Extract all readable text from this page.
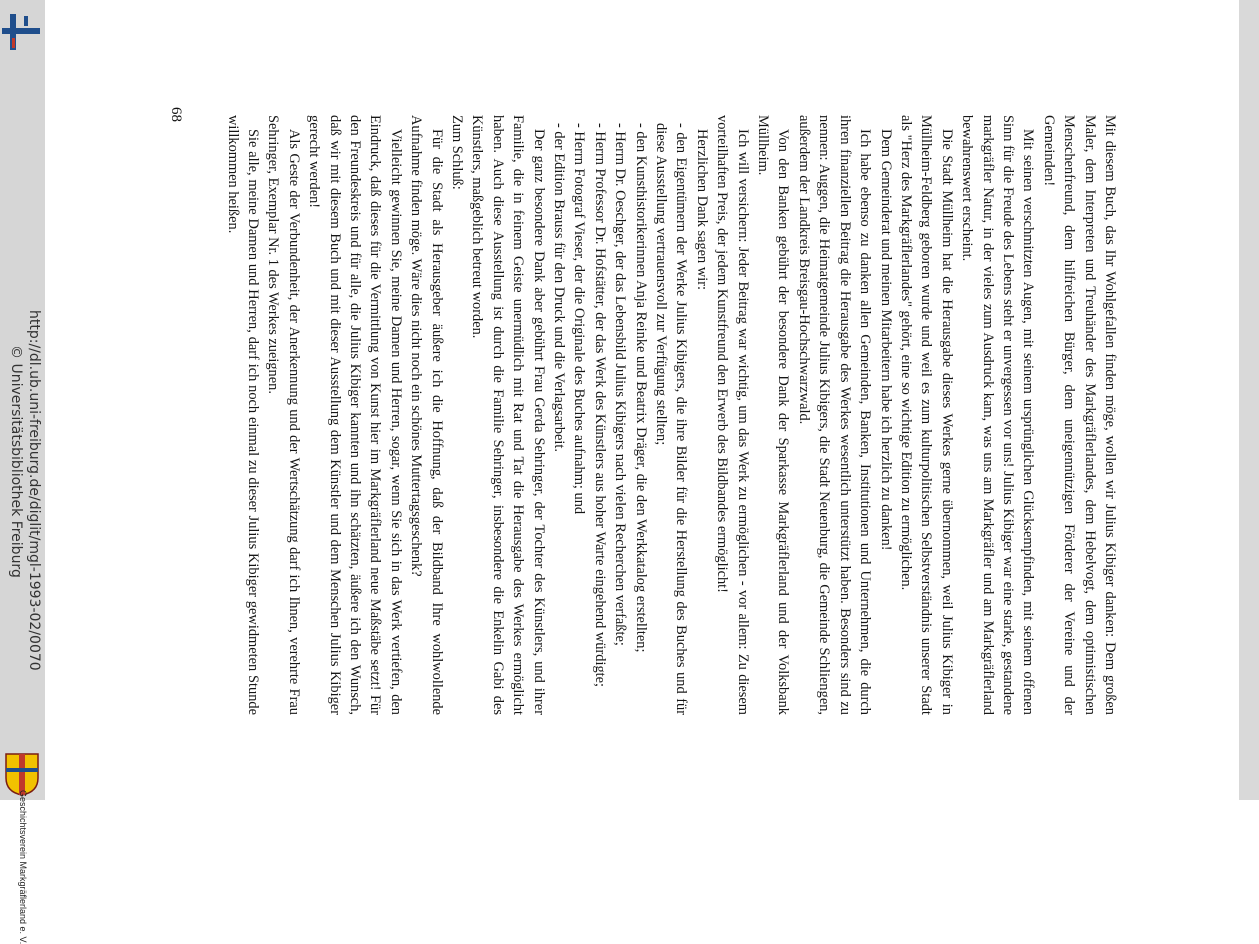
Geschichtsverein Markgräflerland e. V.
http://dl.ub.uni-freiburg.de/diglit/mgl-1993-02/0070
© Universitätsbibliothek Freiburg
68

Mit diesem Buch, das Ihr Wohlgefallen finden möge, wollen wir Julius Kibiger danken: Dem großen Maler, dem Interpreten und Treuhänder des Markgräflerlandes, dem Hebelvogt, dem optimistischen Menschenfreund, dem hilfreichen Bürger, dem uneigennützigen Förderer der Vereine und der Gemeinden!

Mit seinen verschmitzten Augen, mit seinem ursprünglichen Glücksempfinden, mit seinem offenen Sinn für die Freude des Lebens steht er unvergessen vor uns! Julius Kibiger war eine starke, gestandene markgräfler Natur, in der vieles zum Ausdruck kam, was uns am Markgräfler und am Markgräflerland bewahrenswert erscheint.

Die Stadt Müllheim hat die Herausgabe dieses Werkes gerne übernommen, weil Julius Kibiger in Müllheim-Feldberg geboren wurde und weil es zum kulturpolitischen Selbstverständnis unserer Stadt als "Herz des Markgräflerlandes" gehört, eine so wichtige Edition zu ermöglichen.

Dem Gemeinderat und meinen Mitarbeitern habe ich herzlich zu danken!

Ich habe ebenso zu danken allen Gemeinden, Banken, Institutionen und Unternehmen, die durch ihren finanziellen Beitrag die Herausgabe des Werkes wesentlich unterstützt haben. Besonders sind zu nennen: Auggen, die Heimatgemeinde Julius Kibigers, die Stadt Neuenburg, die Gemeinde Schliengen, außerdem der Landkreis Breisgau-Hochschwarzwald.

Von den Banken gebührt der besondere Dank der Sparkasse Markgräflerland und der Volksbank Müllheim.

Ich will versichern: Jeder Beitrag war wichtig, um das Werk zu ermöglichen - vor allem: Zu diesem vorteilhaften Preis, der jedem Kunstfreund den Erwerb des Bildbandes ermöglicht!

Herzlichen Dank sagen wir:

- den Eigentümern der Werke Julius Kibigers, die ihre Bilder für die Herstellung des Buches und für diese Ausstellung vertrauensvoll zur Verfügung stellten;

- den Kunsthistorikerinnen Anja Reinke und Beatrix Dräger, die den Werkkatalog erstellten;

- Herrn Dr. Oeschger, der das Lebensbild Julius Kibigers nach vielen Recherchen verfaßte;

- Herrn Professor Dr. Hofstätter, der das Werk des Künstlers aus hoher Warte eingehend würdigte;

- Herrn Fotograf Vieser, der die Originale des Buches aufnahm; und

- der Edition Brauss für den Druck und die Verlagsarbeit.

Der ganz besondere Dank aber gebührt Frau Gerda Sehringer, der Tochter des Künstlers, und ihrer Familie, die in feinem Geiste unermüdlich mit Rat und Tat die Herausgabe des Werkes ermöglicht haben. Auch diese Ausstellung ist durch die Familie Sehringer, insbesondere die Enkelin Gabi des Künstlers, maßgeblich betreut worden.

Zum Schluß:

Für die Stadt als Herausgeber äußere ich die Hoffnung, daß der Bildband Ihre wohlwollende Aufnahme finden möge. Wäre dies nicht noch ein schönes Muttertagsgeschenk?

Vielleicht gewinnen Sie, meine Damen und Herren, sogar, wenn Sie sich in das Werk vertiefen, den Eindruck, daß dieses für die Vermittlung von Kunst hier im Markgräflerland neue Maßstäbe setzt! Für den Freundeskreis und für alle, die Julius Kibiger kannten und ihn schätzten, äußere ich den Wunsch, daß wir mit diesem Buch und mit dieser Ausstellung dem Künstler und dem Menschen Julius Kibiger gerecht werden!

Als Geste der Verbundenheit, der Anerkennung und der Wertschätzung darf ich Ihnen, verehrte Frau Sehringer, Exemplar Nr. 1 des Werkes zueignen.

Sie alle, meine Damen und Herren, darf ich noch einmal zu dieser Julius Kibiger gewidmeten Stunde willkommen heißen.
